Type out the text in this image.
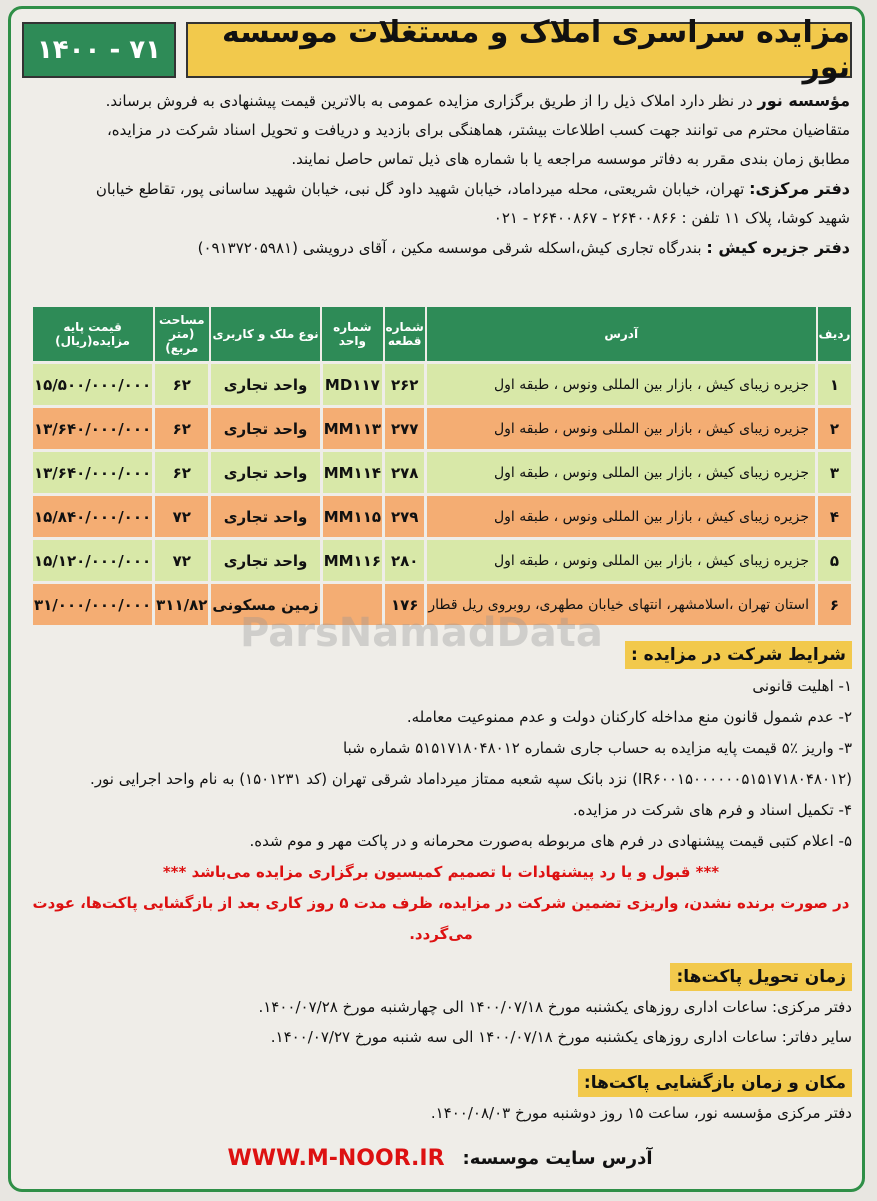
مزایده سراسری املاک و مستغلات موسسه نور
۱۴۰۰ - ۷۱

مؤسسه نور در نظر دارد املاک ذیل را از طریق برگزاری مزایده عمومی به بالاترین قیمت پیشنهادی به فروش برساند.

متقاضیان محترم می توانند جهت کسب اطلاعات بیشتر، هماهنگی برای بازدید و دریافت و تحویل اسناد شرکت در مزایده،

مطابق زمان بندی مقرر به دفاتر موسسه مراجعه یا با شماره های ذیل تماس حاصل نمایند.

دفتر مرکزی: تهران، خیابان شریعتی، محله میرداماد، خیابان شهید داود گل نبی، خیابان شهید ساسانی پور، تقاطع خیابان

شهید کوشا، پلاک ۱۱ تلفن : ۲۶۴۰۰۸۶۶ - ۲۶۴۰۰۸۶۷ - ۰۲۱

دفتر جزیره کیش : بندرگاه تجاری کیش،اسکله شرقی موسسه مکین ، آقای درویشی (۰۹۱۳۷۲۰۵۹۸۱)

ردیف	آدرس	شماره قطعه	شماره واحد	نوع ملک و کاربری	مساحت (متر مربع)	قیمت پایه مزایده(ریال)
۱	جزیره زیبای کیش ، بازار بین المللی ونوس ، طبقه اول	۲۶۲	MD۱۱۷	واحد تجاری	۶۲	۱۵/۵۰۰/۰۰۰/۰۰۰
۲	جزیره زیبای کیش ، بازار بین المللی ونوس ، طبقه اول	۲۷۷	MM۱۱۳	واحد تجاری	۶۲	۱۳/۶۴۰/۰۰۰/۰۰۰
۳	جزیره زیبای کیش ، بازار بین المللی ونوس ، طبقه اول	۲۷۸	MM۱۱۴	واحد تجاری	۶۲	۱۳/۶۴۰/۰۰۰/۰۰۰
۴	جزیره زیبای کیش ، بازار بین المللی ونوس ، طبقه اول	۲۷۹	MM۱۱۵	واحد تجاری	۷۲	۱۵/۸۴۰/۰۰۰/۰۰۰
۵	جزیره زیبای کیش ، بازار بین المللی ونوس ، طبقه اول	۲۸۰	MM۱۱۶	واحد تجاری	۷۲	۱۵/۱۲۰/۰۰۰/۰۰۰
۶	استان تهران ،اسلامشهر، انتهای خیابان مطهری، روبروی ریل قطار	۱۷۶		زمین مسکونی	۳۱۱/۸۲	۳۱/۰۰۰/۰۰۰/۰۰۰
ParsNamadData	شرایط شرکت در مزایده :

۱- اهلیت قانونی

۲- عدم شمول قانون منع مداخله کارکنان دولت و عدم ممنوعیت معامله.

۳- واریز ٪۵ قیمت پایه مزایده به حساب جاری شماره ۵۱۵۱۷۱۸۰۴۸۰۱۲ شماره شبا

(IR۶۰۰۱۵۰۰۰۰۰۰۵۱۵۱۷۱۸۰۴۸۰۱۲) نزد بانک سپه شعبه ممتاز میرداماد شرقی تهران (کد ۱۵۰۱۲۳۱) به نام واحد اجرایی نور.

۴- تکمیل اسناد و فرم های شرکت در مزایده.

۵- اعلام کتبی قیمت پیشنهادی در فرم های مربوطه به‌صورت محرمانه و در پاکت مهر و موم شده.

*** قبول و یا رد پیشنهادات با تصمیم کمیسیون برگزاری مزایده می‌باشد ***

در صورت برنده نشدن، واریزی تضمین شرکت در مزایده، ظرف مدت ۵ روز کاری بعد از بازگشایی پاکت‌ها، عودت می‌گردد.

زمان تحویل پاکت‌ها:

دفتر مرکزی: ساعات اداری روزهای یکشنبه مورخ ۱۴۰۰/۰۷/۱۸ الی چهارشنبه مورخ ۱۴۰۰/۰۷/۲۸.

سایر دفاتر: ساعات اداری روزهای یکشنبه مورخ ۱۴۰۰/۰۷/۱۸ الی سه شنبه مورخ ۱۴۰۰/۰۷/۲۷.

مکان و زمان بازگشایی پاکت‌ها:

دفتر مرکزی مؤسسه نور، ساعت ۱۵ روز دوشنبه مورخ ۱۴۰۰/۰۸/۰۳.

آدرس سایت موسسه:
WWW.M-NOOR.IR
